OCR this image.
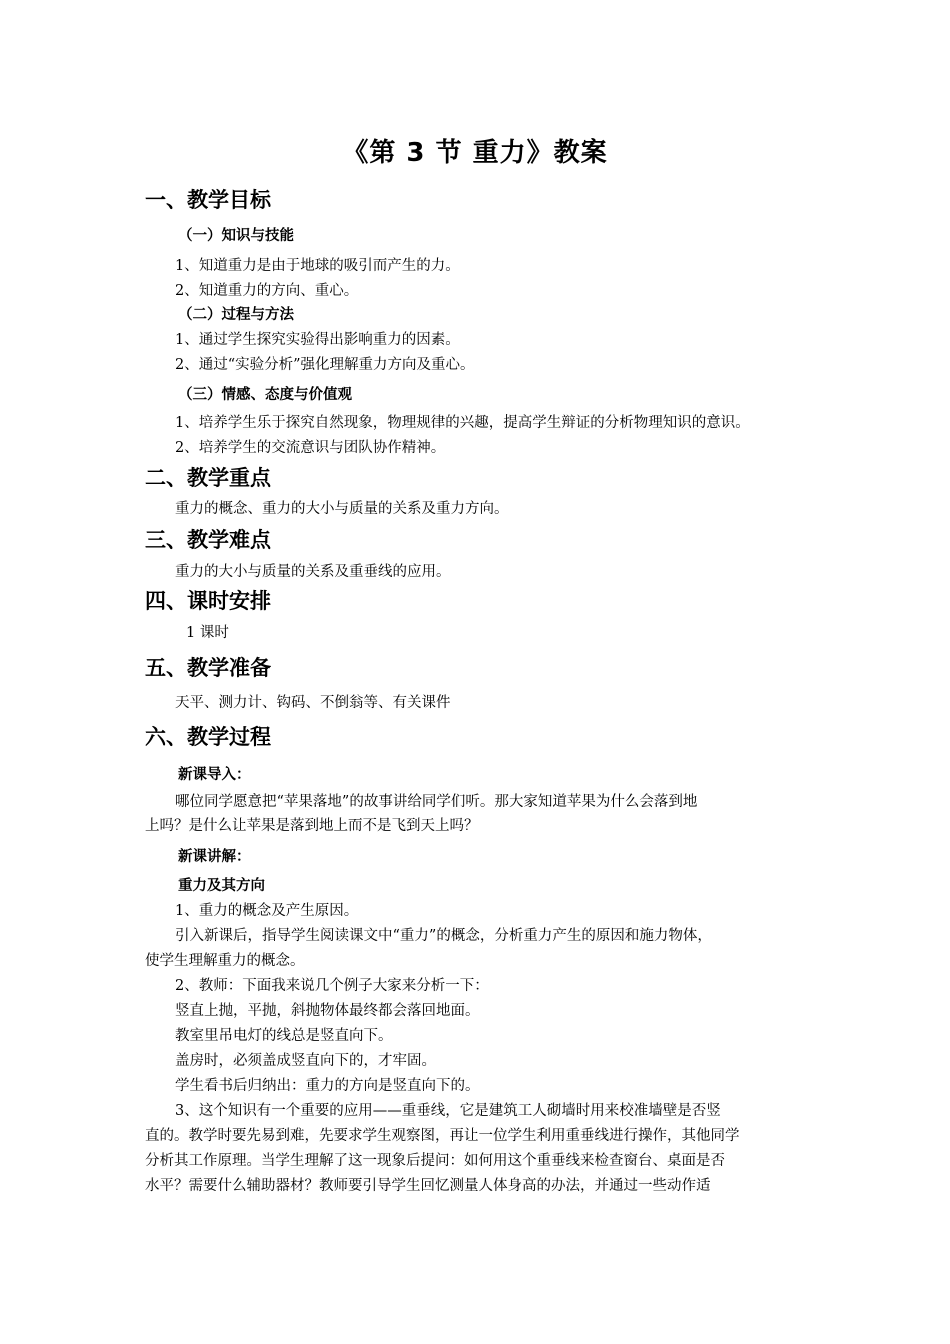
《第 3 节 重力》教案
一、教学目标
（一）知识与技能
1、知道重力是由于地球的吸引而产生的力。
2、知道重力的方向、重心。
（二）过程与方法
1、通过学生探究实验得出影响重力的因素。
2、通过“实验分析”强化理解重力方向及重心。
（三）情感、态度与价值观
1、培养学生乐于探究自然现象，物理规律的兴趣，提高学生辩证的分析物理知识的意识。
2、培养学生的交流意识与团队协作精神。
二、教学重点
重力的概念、重力的大小与质量的关系及重力方向。
三、教学难点
重力的大小与质量的关系及重垂线的应用。
四、课时安排
1 课时
五、教学准备
天平、测力计、钩码、不倒翁等、有关课件
六、教学过程
新课导入：
哪位同学愿意把“苹果落地”的故事讲给同学们听。那大家知道苹果为什么会落到地
上吗？是什么让苹果是落到地上而不是飞到天上吗？
新课讲解：
重力及其方向
1、重力的概念及产生原因。
引入新课后，指导学生阅读课文中“重力”的概念，分析重力产生的原因和施力物体，
使学生理解重力的概念。
2、教师：下面我来说几个例子大家来分析一下：
竖直上抛，平抛，斜抛物体最终都会落回地面。
教室里吊电灯的线总是竖直向下。
盖房时，必须盖成竖直向下的，才牢固。
学生看书后归纳出：重力的方向是竖直向下的。
3、这个知识有一个重要的应用——重垂线，它是建筑工人砌墙时用来校准墙壁是否竖
直的。教学时要先易到难，先要求学生观察图，再让一位学生利用重垂线进行操作，其他同学
分析其工作原理。当学生理解了这一现象后提问：如何用这个重垂线来检查窗台、桌面是否
水平？需要什么辅助器材？教师要引导学生回忆测量人体身高的办法，并通过一些动作适
